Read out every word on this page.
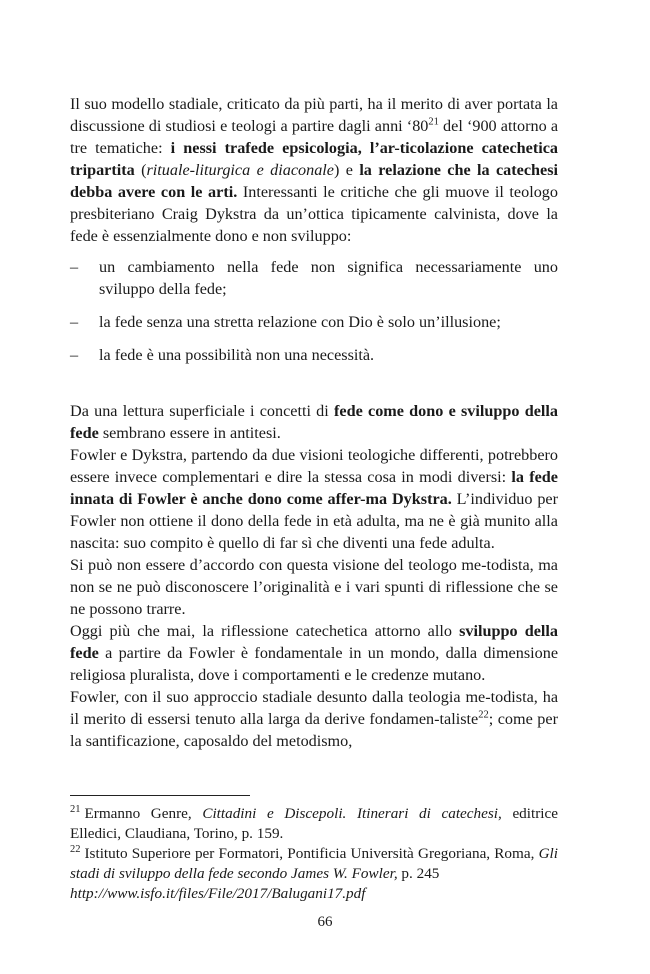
Il suo modello stadiale, criticato da più parti, ha il merito di aver portata la discussione di studiosi e teologi a partire dagli anni ‘$80^{21}$ del ‘900 attorno a tre tematiche: i nessi trafede epsicologia, l’ar-ticolazione catechetica tripartita (rituale-liturgica e diaconale) e la relazione che la catechesi debba avere con le arti. Interessanti le critiche che gli muove il teologo presbiteriano Craig Dykstra da un’ottica tipicamente calvinista, dove la fede è essenzialmente dono e non sviluppo:

– un cambiamento nella fede non significa necessariamente uno sviluppo della fede;
– la fede senza una stretta relazione con Dio è solo un’illusione;
– la fede è una possibilità non una necessità.

Da una lettura superficiale i concetti di fede come dono e sviluppo della fede sembrano essere in antitesi.

Fowler e Dykstra, partendo da due visioni teologiche differenti, potrebbero essere invece complementari e dire la stessa cosa in modi diversi: la fede innata di Fowler è anche dono come affer-ma Dykstra. L’individuo per Fowler non ottiene il dono della fede in età adulta, ma ne è già munito alla nascita: suo compito è quello di far sì che diventi una fede adulta.

Si può non essere d’accordo con questa visione del teologo me-todista, ma non se ne può disconoscere l’originalità e i vari spunti di riflessione che se ne possono trarre.

Oggi più che mai, la riflessione catechetica attorno allo sviluppo della fede a partire da Fowler è fondamentale in un mondo, dalla dimensione religiosa pluralista, dove i comportamenti e le credenze mutano.

Fowler, con il suo approccio stadiale desunto dalla teologia me-todista, ha il merito di essersi tenuto alla larga da derive fondamen-taliste$^{22}$; come per la santificazione, caposaldo del metodismo,

$^{21}$ Ermanno Genre, Cittadini e Discepoli. Itinerari di catechesi, editrice Elledici, Claudiana, Torino, p. 159.

$^{22}$ Istituto Superiore per Formatori, Pontificia Università Gregoriana, Roma, Gli stadi di sviluppo della fede secondo James W. Fowler, p. 245
http://www.isfo.it/files/File/2017/Balugani17.pdf

66
